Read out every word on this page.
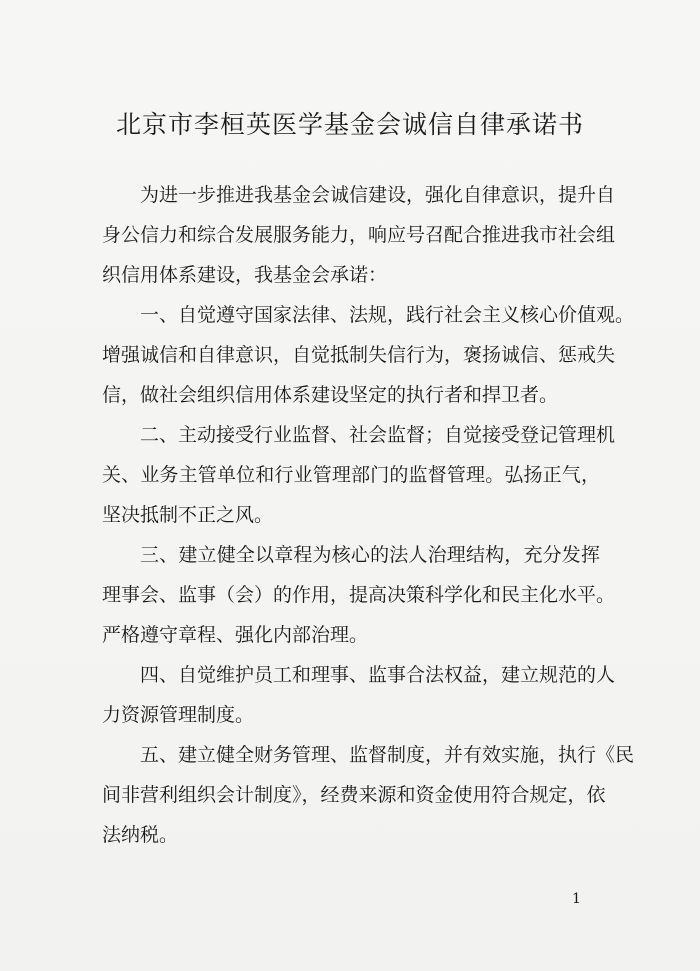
北京市李桓英医学基金会诚信自律承诺书
为进一步推进我基金会诚信建设，强化自律意识，提升自
身公信力和综合发展服务能力，响应号召配合推进我市社会组
织信用体系建设，我基金会承诺：
一、自觉遵守国家法律、法规，践行社会主义核心价值观。
增强诚信和自律意识，自觉抵制失信行为，褒扬诚信、惩戒失
信，做社会组织信用体系建设坚定的执行者和捍卫者。
二、主动接受行业监督、社会监督；自觉接受登记管理机
关、业务主管单位和行业管理部门的监督管理。弘扬正气，
坚决抵制不正之风。
三、建立健全以章程为核心的法人治理结构，充分发挥
理事会、监事（会）的作用，提高决策科学化和民主化水平。
严格遵守章程、强化内部治理。
四、自觉维护员工和理事、监事合法权益，建立规范的人
力资源管理制度。
五、建立健全财务管理、监督制度，并有效实施，执行《民
间非营利组织会计制度》，经费来源和资金使用符合规定，依
法纳税。
1
